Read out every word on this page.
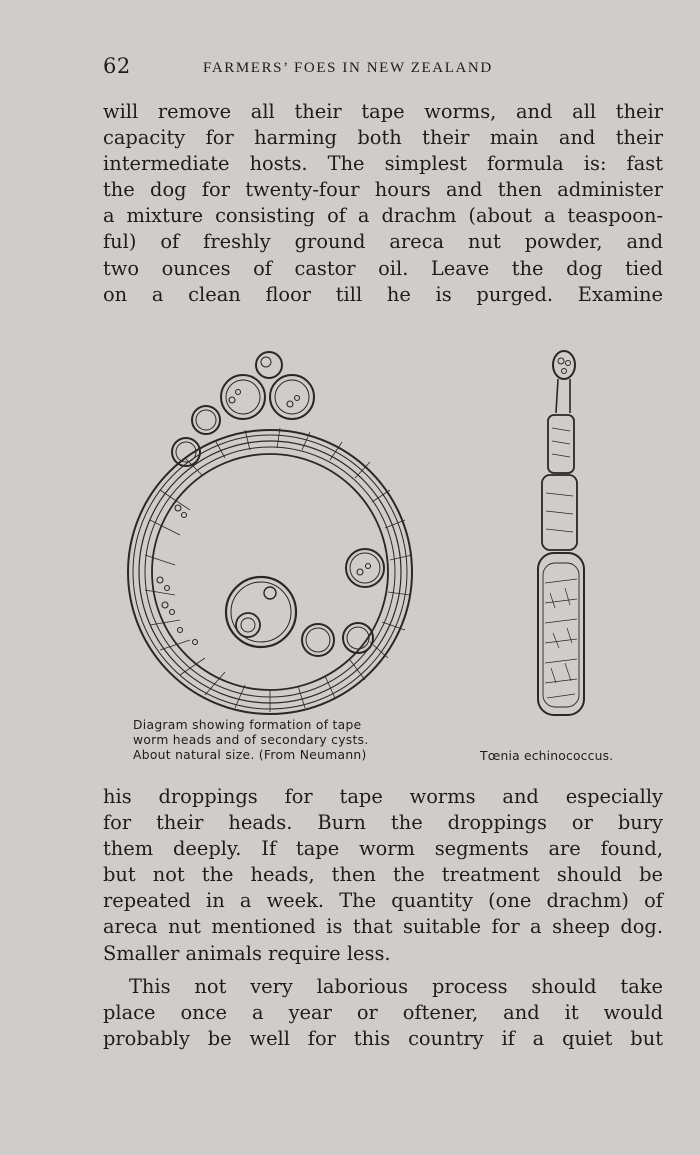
62	FARMERS’ FOES IN NEW ZEALAND
will remove all their tape worms, and all their
capacity for harming both their main and their
intermediate hosts. The simplest formula is: fast
the dog for twenty-four hours and then administer
a mixture consisting of a drachm (about a teaspoon-
ful) of freshly ground areca nut powder, and
two ounces of castor oil. Leave the dog tied
on a clean floor till he is purged. Examine
Diagram showing formation of tape
worm heads and of secondary cysts.
About natural size. (From Neumann)	Tœnia echinococcus.
his droppings for tape worms and especially
for their heads. Burn the droppings or bury
them deeply. If tape worm segments are found,
but not the heads, then the treatment should be
repeated in a week. The quantity (one drachm) of
areca nut mentioned is that suitable for a sheep dog.
Smaller animals require less.
This not very laborious process should take
place once a year or oftener, and it would
probably be well for this country if a quiet but
